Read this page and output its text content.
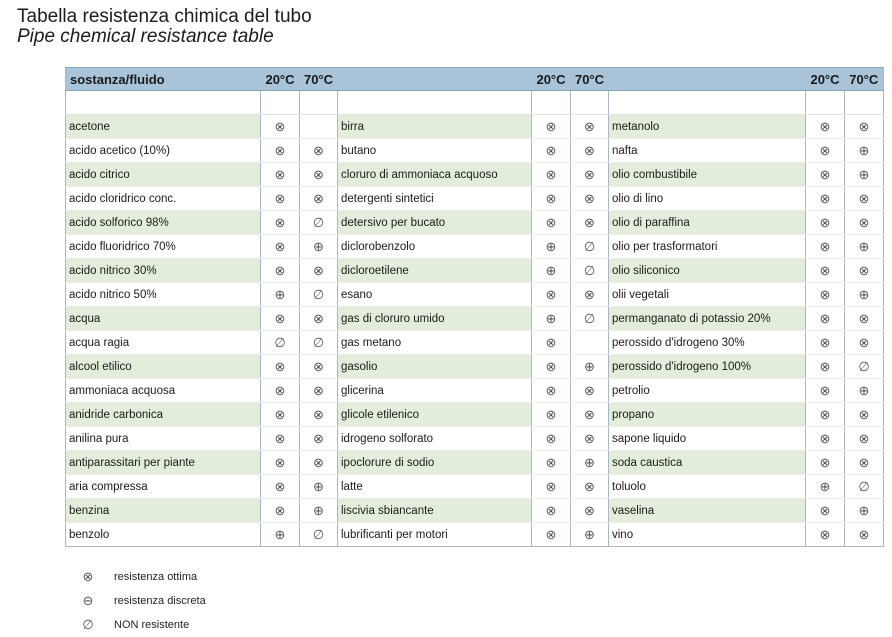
Tabella resistenza chimica del tubo
Pipe chemical resistance table
sostanza/fluido	20°C	70°C		20°C	70°C		20°C	70°C

acetone	⊗		birra	⊗	⊗	metanolo	⊗	⊗
acido acetico (10%)	⊗	⊗	butano	⊗	⊗	nafta	⊗	⊕
acido citrico	⊗	⊗	cloruro di ammoniaca acquoso	⊗	⊗	olio combustibile	⊗	⊕
acido cloridrico conc.	⊗	⊗	detergenti sintetici	⊗	⊗	olio di lino	⊗	⊗
acido solforico 98%	⊗	∅	detersivo per bucato	⊗	⊗	olio di paraffina	⊗	⊗
acido fluoridrico 70%	⊗	⊕	diclorobenzolo	⊕	∅	olio per trasformatori	⊗	⊕
acido nitrico 30%	⊗	⊗	dicloroetilene	⊕	∅	olio siliconico	⊗	⊗
acido nitrico 50%	⊕	∅	esano	⊗	⊗	olii vegetali	⊗	⊕
acqua	⊗	⊗	gas di cloruro umido	⊕	∅	permanganato di potassio 20%	⊗	⊗
acqua ragia	∅	∅	gas metano	⊗		perossido d'idrogeno 30%	⊗	⊗
alcool etilico	⊗	⊗	gasolio	⊗	⊕	perossido d'idrogeno 100%	⊗	∅
ammoniaca acquosa	⊗	⊗	glicerina	⊗	⊗	petrolio	⊗	⊕
anidride carbonica	⊗	⊗	glicole etilenico	⊗	⊗	propano	⊗	⊗
anilina pura	⊗	⊗	idrogeno solforato	⊗	⊗	sapone liquido	⊗	⊗
antiparassitari per piante	⊗	⊗	ipoclorure di sodio	⊗	⊕	soda caustica	⊗	⊗
aria compressa	⊗	⊕	latte	⊗	⊗	toluolo	⊕	∅
benzina	⊗	⊕	liscivia sbiancante	⊗	⊗	vaselina	⊗	⊕
benzolo	⊕	∅	lubrificanti per motori	⊗	⊕	vino	⊗	⊗
⊗ resistenza ottima
⊖ resistenza discreta
∅ NON resistente
